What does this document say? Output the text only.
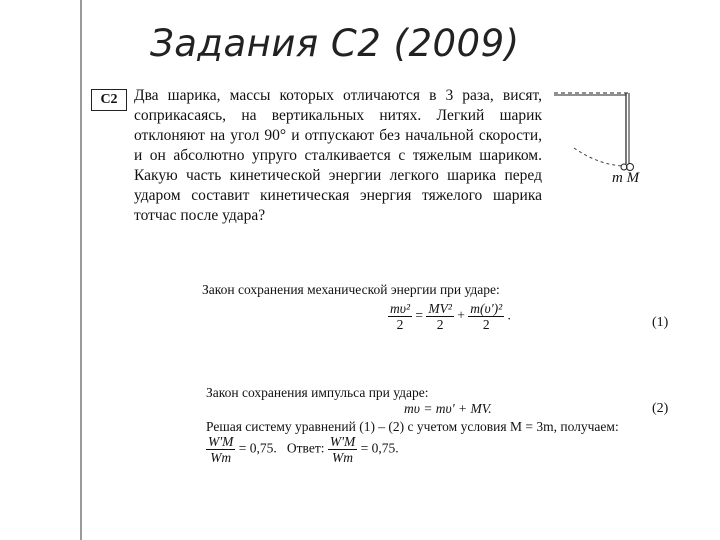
Задания С2 (2009)
С2	Два шарика, массы которых отличаются в 3 раза, висят, соприкасаясь, на вертикальных нитях. Легкий шарик отклоняют на угол 90° и отпускают без начальной скорости, и он абсолютно упруго сталкивается с тяжелым шариком. Какую часть кинетической энергии легкого шарика перед ударом составит кинетическая энергия тяжелого шарика тотчас после удара?
m M
Закон сохранения механической энергии при ударе:
$\frac{\text{mυ²}}{2} = \frac{\text{MV²}}{2} + \frac{\text{m(υ')²}}{2}$ .	(1)
Закон сохранения импульса при ударе:
mυ = mυ' + MV.	(2)
Решая систему уравнений (1) – (2) с учетом условия M = 3m, получаем:
$\frac{W'M}{Wm} = 0,75$. Ответ: $\frac{W'M}{Wm} = 0,75$.
